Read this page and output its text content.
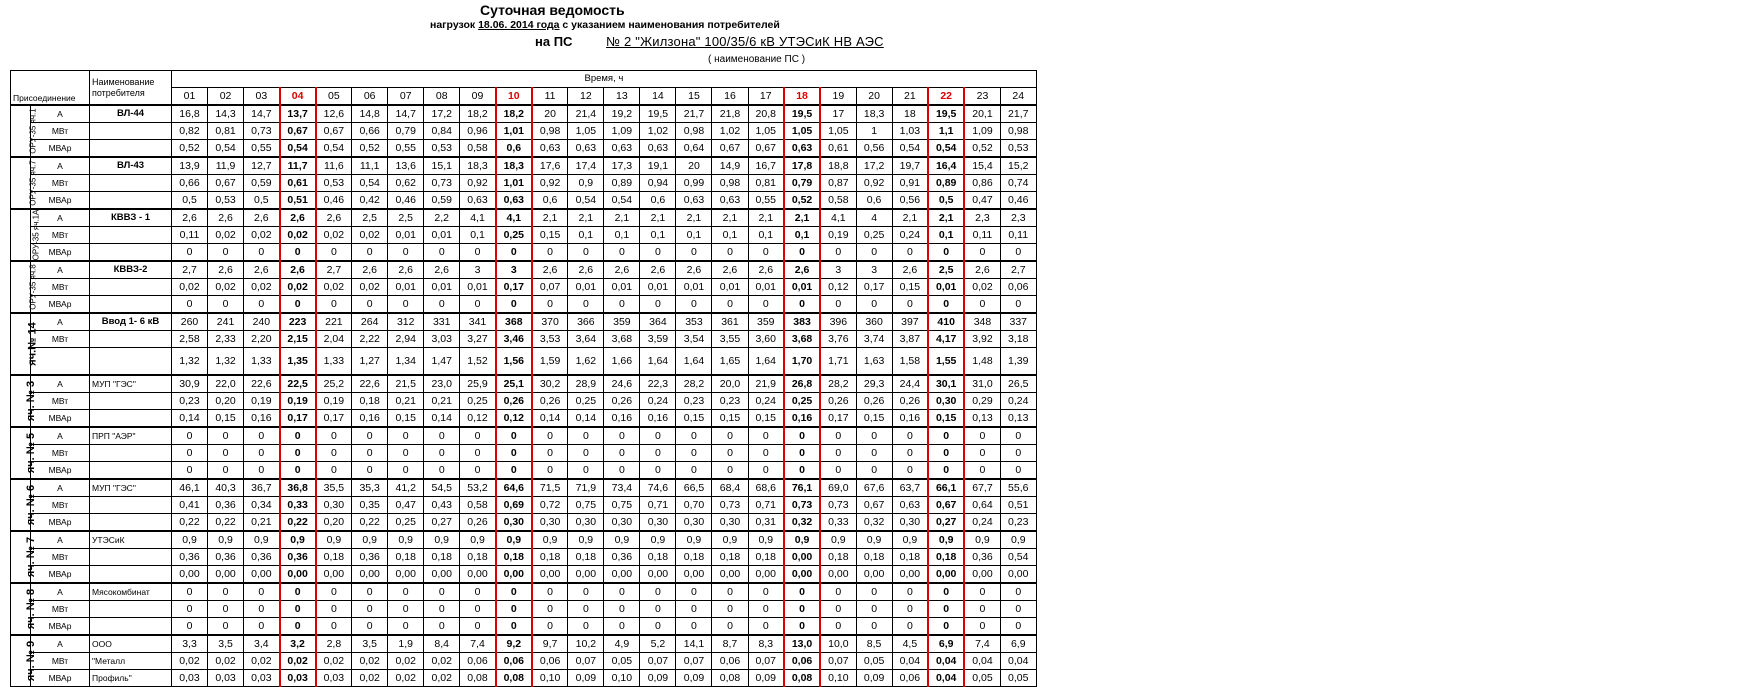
Суточная ведомость
нагрузок 18.06. 2014 года с указанием наименования потребителей
на ПС	№ 2 "Жилзона" 100/35/6 кВ УТЭСиК НВ АЭС
( наименование ПС )
Присоединение		Наименование потребителя	Время, ч																							
			01	02	03	04	05	06	07	08	09	10	11	12	13	14	15	16	17	18	19	20	21	22	23	24
ОРУ-35 яч.1	А	ВЛ-44	16,8	14,3	14,7	13,7	12,6	14,8	14,7	17,2	18,2	18,2	20	21,4	19,2	19,5	21,7	21,8	20,8	19,5	17	18,3	18	19,5	20,1	21,7
	МВт		0,82	0,81	0,73	0,67	0,67	0,66	0,79	0,84	0,96	1,01	0,98	1,05	1,09	1,02	0,98	1,02	1,05	1,05	1,05	1	1,03	1,1	1,09	0,98
	МВАр		0,52	0,54	0,55	0,54	0,54	0,52	0,55	0,53	0,58	0,6	0,63	0,63	0,63	0,63	0,64	0,67	0,67	0,63	0,61	0,56	0,54	0,54	0,52	0,53
ОРУ-35 яч.7	А	ВЛ-43	13,9	11,9	12,7	11,7	11,6	11,1	13,6	15,1	18,3	18,3	17,6	17,4	17,3	19,1	20	14,9	16,7	17,8	18,8	17,2	19,7	16,4	15,4	15,2
	МВт		0,66	0,67	0,59	0,61	0,53	0,54	0,62	0,73	0,92	1,01	0,92	0,9	0,89	0,94	0,99	0,98	0,81	0,79	0,87	0,92	0,91	0,89	0,86	0,74
	МВАр		0,5	0,53	0,5	0,51	0,46	0,42	0,46	0,59	0,63	0,63	0,6	0,54	0,54	0,6	0,63	0,63	0,55	0,52	0,58	0,6	0,56	0,5	0,47	0,46
ОРУ-35 яч.1А	А	КВВЗ - 1	2,6	2,6	2,6	2,6	2,6	2,5	2,5	2,2	4,1	4,1	2,1	2,1	2,1	2,1	2,1	2,1	2,1	2,1	4,1	4	2,1	2,1	2,3	2,3
	МВт		0,11	0,02	0,02	0,02	0,02	0,02	0,01	0,01	0,1	0,25	0,15	0,1	0,1	0,1	0,1	0,1	0,1	0,1	0,19	0,25	0,24	0,1	0,11	0,11
	МВАр		0	0	0	0	0	0	0	0	0	0	0	0	0	0	0	0	0	0	0	0	0	0	0	0
ОРУ-35 яч.8	А	КВВЗ-2	2,7	2,6	2,6	2,6	2,7	2,6	2,6	2,6	3	3	2,6	2,6	2,6	2,6	2,6	2,6	2,6	2,6	3	3	2,6	2,5	2,6	2,7
	МВт		0,02	0,02	0,02	0,02	0,02	0,02	0,01	0,01	0,01	0,17	0,07	0,01	0,01	0,01	0,01	0,01	0,01	0,01	0,12	0,17	0,15	0,01	0,02	0,06
	МВАр		0	0	0	0	0	0	0	0	0	0	0	0	0	0	0	0	0	0	0	0	0	0	0	0
яч.№ 14	А	Ввод 1- 6 кВ	260	241	240	223	221	264	312	331	341	368	370	366	359	364	353	361	359	383	396	360	397	410	348	337
	МВт		2,58	2,33	2,20	2,15	2,04	2,22	2,94	3,03	3,27	3,46	3,53	3,64	3,68	3,59	3,54	3,55	3,60	3,68	3,76	3,74	3,87	4,17	3,92	3,18
			1,32	1,32	1,33	1,35	1,33	1,27	1,34	1,47	1,52	1,56	1,59	1,62	1,66	1,64	1,64	1,65	1,64	1,70	1,71	1,63	1,58	1,55	1,48	1,39
яч. № 3	А	МУП "ГЭС"	30,9	22,0	22,6	22,5	25,2	22,6	21,5	23,0	25,9	25,1	30,2	28,9	24,6	22,3	28,2	20,0	21,9	26,8	28,2	29,3	24,4	30,1	31,0	26,5
	МВт		0,23	0,20	0,19	0,19	0,19	0,18	0,21	0,21	0,25	0,26	0,26	0,25	0,26	0,24	0,23	0,23	0,24	0,25	0,26	0,26	0,26	0,30	0,29	0,24
	МВАр		0,14	0,15	0,16	0,17	0,17	0,16	0,15	0,14	0,12	0,12	0,14	0,14	0,16	0,16	0,15	0,15	0,15	0,16	0,17	0,15	0,16	0,15	0,13	0,13
яч. № 5	А	ПРП "АЭР"	0	0	0	0	0	0	0	0	0	0	0	0	0	0	0	0	0	0	0	0	0	0	0	0
	МВт		0	0	0	0	0	0	0	0	0	0	0	0	0	0	0	0	0	0	0	0	0	0	0	0
	МВАр		0	0	0	0	0	0	0	0	0	0	0	0	0	0	0	0	0	0	0	0	0	0	0	0
яч. № 6	А	МУП "ГЭС"	46,1	40,3	36,7	36,8	35,5	35,3	41,2	54,5	53,2	64,6	71,5	71,9	73,4	74,6	66,5	68,4	68,6	76,1	69,0	67,6	63,7	66,1	67,7	55,6
	МВт		0,41	0,36	0,34	0,33	0,30	0,35	0,47	0,43	0,58	0,69	0,72	0,75	0,75	0,71	0,70	0,73	0,71	0,73	0,73	0,67	0,63	0,67	0,64	0,51
	МВАр		0,22	0,22	0,21	0,22	0,20	0,22	0,25	0,27	0,26	0,30	0,30	0,30	0,30	0,30	0,30	0,30	0,31	0,32	0,33	0,32	0,30	0,27	0,24	0,23
яч. № 7	А	УТЭСиК	0,9	0,9	0,9	0,9	0,9	0,9	0,9	0,9	0,9	0,9	0,9	0,9	0,9	0,9	0,9	0,9	0,9	0,9	0,9	0,9	0,9	0,9	0,9	0,9
	МВт		0,36	0,36	0,36	0,36	0,18	0,36	0,18	0,18	0,18	0,18	0,18	0,18	0,36	0,18	0,18	0,18	0,18	0,00	0,18	0,18	0,18	0,18	0,36	0,54
	МВАр		0,00	0,00	0,00	0,00	0,00	0,00	0,00	0,00	0,00	0,00	0,00	0,00	0,00	0,00	0,00	0,00	0,00	0,00	0,00	0,00	0,00	0,00	0,00	0,00
яч. № 8	А	Мясокомбинат	0	0	0	0	0	0	0	0	0	0	0	0	0	0	0	0	0	0	0	0	0	0	0	0
	МВт		0	0	0	0	0	0	0	0	0	0	0	0	0	0	0	0	0	0	0	0	0	0	0	0
	МВАр		0	0	0	0	0	0	0	0	0	0	0	0	0	0	0	0	0	0	0	0	0	0	0	0
яч. № 9	А	ООО	3,3	3,5	3,4	3,2	2,8	3,5	1,9	8,4	7,4	9,2	9,7	10,2	4,9	5,2	14,1	8,7	8,3	13,0	10,0	8,5	4,5	6,9	7,4	6,9
	МВт	"Металл	0,02	0,02	0,02	0,02	0,02	0,02	0,02	0,02	0,06	0,06	0,06	0,07	0,05	0,07	0,07	0,06	0,07	0,06	0,07	0,05	0,04	0,04	0,04	0,04
	МВАр	Профиль"	0,03	0,03	0,03	0,03	0,03	0,02	0,02	0,02	0,08	0,08	0,10	0,09	0,10	0,09	0,09	0,08	0,09	0,08	0,10	0,09	0,06	0,04	0,05	0,05
